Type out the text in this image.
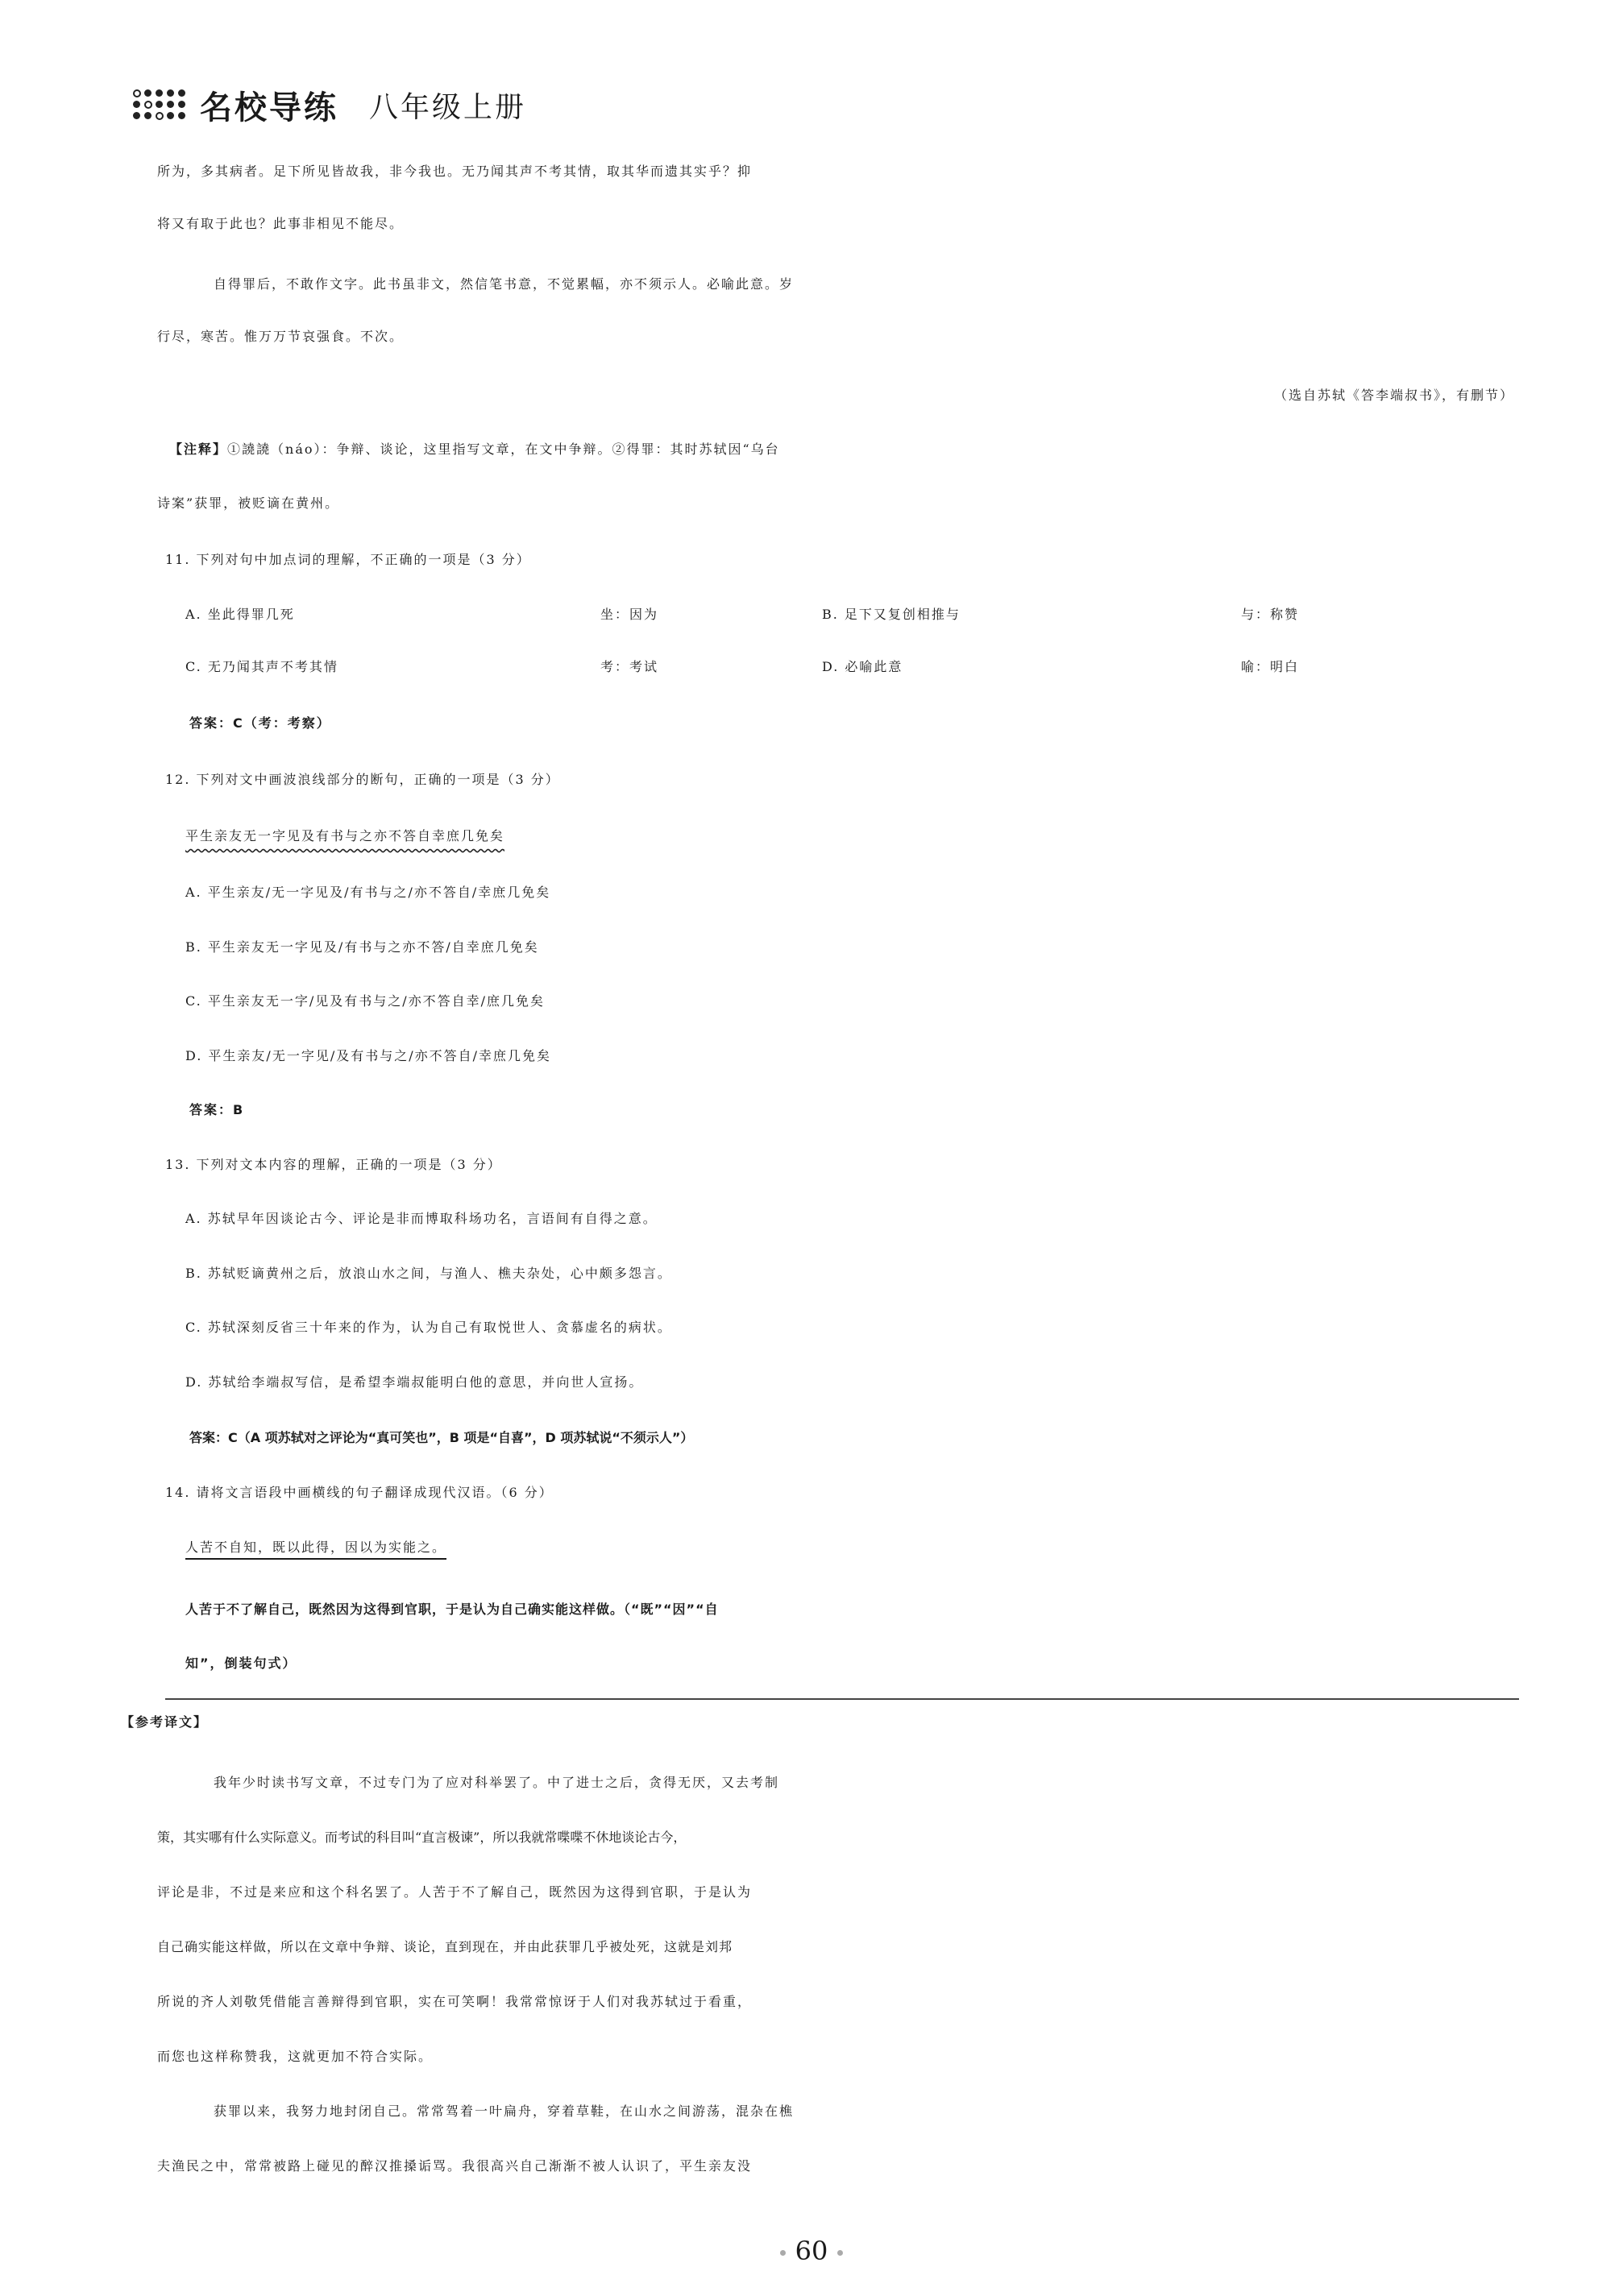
名校导练 八年级上册
所为，多其病者。足下所见皆故我，非今我也。无乃闻其声不考其情，取其华而遗其实乎？抑
将又有取于此也？此事非相见不能尽。
自得罪后，不敢作文字。此书虽非文，然信笔书意，不觉累幅，亦不须示人。必喻此意。岁
行尽，寒苦。惟万万节哀强食。不次。
（选自苏轼《答李端叔书》，有删节）
【注释】①譊譊（náo）：争辩、谈论，这里指写文章，在文中争辩。②得罪：其时苏轼因“乌台
诗案”获罪，被贬谪在黄州。
11. 下列对句中加点词的理解，不正确的一项是（3 分）
A. 坐此得罪几死	坐：因为	B. 足下又复创相推与	与：称赞
C. 无乃闻其声不考其情	考：考试	D. 必喻此意	喻：明白
答案：C（考：考察）
12. 下列对文中画波浪线部分的断句，正确的一项是（3 分）
平生亲友无一字见及有书与之亦不答自幸庶几免矣
A. 平生亲友/无一字见及/有书与之/亦不答自/幸庶几免矣
B. 平生亲友无一字见及/有书与之亦不答/自幸庶几免矣
C. 平生亲友无一字/见及有书与之/亦不答自幸/庶几免矣
D. 平生亲友/无一字见/及有书与之/亦不答自/幸庶几免矣
答案：B
13. 下列对文本内容的理解，正确的一项是（3 分）
A. 苏轼早年因谈论古今、评论是非而博取科场功名，言语间有自得之意。
B. 苏轼贬谪黄州之后，放浪山水之间，与渔人、樵夫杂处，心中颇多怨言。
C. 苏轼深刻反省三十年来的作为，认为自己有取悦世人、贪慕虚名的病状。
D. 苏轼给李端叔写信，是希望李端叔能明白他的意思，并向世人宣扬。
答案：C（A 项苏轼对之评论为“真可笑也”，B 项是“自喜”，D 项苏轼说“不须示人”）
14. 请将文言语段中画横线的句子翻译成现代汉语。（6 分）
人苦不自知，既以此得，因以为实能之。
人苦于不了解自己，既然因为这得到官职，于是认为自己确实能这样做。（“既”“因”“自
知”，倒装句式）
【参考译文】
我年少时读书写文章，不过专门为了应对科举罢了。中了进士之后，贪得无厌，又去考制
策，其实哪有什么实际意义。而考试的科目叫“直言极谏”，所以我就常喋喋不休地谈论古今，
评论是非，不过是来应和这个科名罢了。人苦于不了解自己，既然因为这得到官职，于是认为
自己确实能这样做，所以在文章中争辩、谈论，直到现在，并由此获罪几乎被处死，这就是刘邦
所说的齐人刘敬凭借能言善辩得到官职，实在可笑啊！我常常惊讶于人们对我苏轼过于看重，
而您也这样称赞我，这就更加不符合实际。
获罪以来，我努力地封闭自己。常常驾着一叶扁舟，穿着草鞋，在山水之间游荡，混杂在樵
夫渔民之中，常常被路上碰见的醉汉推搡诟骂。我很高兴自己渐渐不被人认识了，平生亲友没
60
